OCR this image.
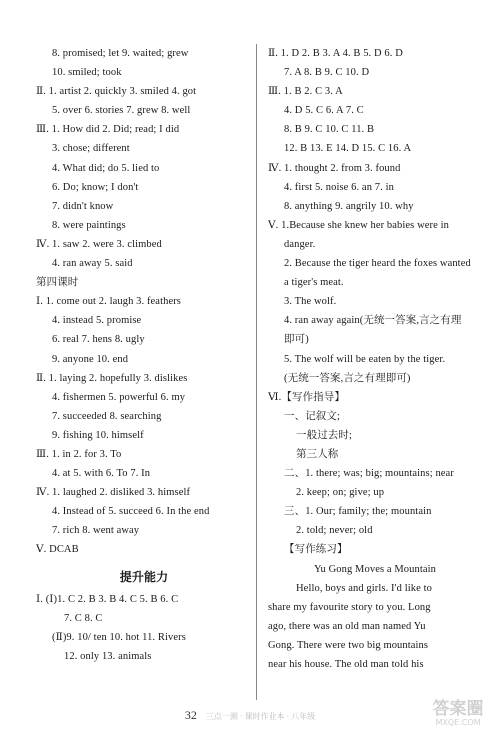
8. promised; let 9. waited; grew
10. smiled; took
Ⅱ. 1. artist 2. quickly 3. smiled 4. got
5. over 6. stories 7. grew 8. well
Ⅲ. 1. How did 2. Did; read; I did
3. chose; different
4. What did; do 5. lied to
6. Do; know; I don't
7. didn't know
8. were paintings
Ⅳ. 1. saw 2. were 3. climbed
4. ran away 5. said
第四课时
Ⅰ. 1. come out 2. laugh 3. feathers
4. instead 5. promise
6. real 7. hens 8. ugly
9. anyone 10. end
Ⅱ. 1. laying 2. hopefully 3. dislikes
4. fishermen 5. powerful 6. my
7. succeeded 8. searching
9. fishing 10. himself
Ⅲ. 1. in 2. for 3. To
4. at 5. with 6. To 7. In
Ⅳ. 1. laughed 2. disliked 3. himself
4. Instead of 5. succeed 6. In the end
7. rich 8. went away
Ⅴ. DCAB
提升能力
Ⅰ. (Ⅰ)1. C 2. B 3. B 4. C 5. B 6. C
7. C 8. C
(Ⅱ)9. 10/ ten 10. hot 11. Rivers
12. only 13. animals
Ⅱ. 1. D 2. B 3. A 4. B 5. D 6. D
7. A 8. B 9. C 10. D
Ⅲ. 1. B 2. C 3. A
4. D 5. C 6. A 7. C
8. B 9. C 10. C 11. B
12. B 13. E 14. D 15. C 16. A
Ⅳ. 1. thought 2. from 3. found
4. first 5. noise 6. an 7. in
8. anything 9. angrily 10. why
Ⅴ. 1.Because she knew her babies were in
danger.
2. Because the tiger heard the foxes wanted
a tiger's meat.
3. The wolf.
4. ran away again(无统一答案,言之有理
即可)
5. The wolf will be eaten by the tiger.
(无统一答案,言之有理即可)
Ⅵ.【写作指导】
一、记叙文;
一般过去时;
第三人称
二、1. there; was; big; mountains; near
2. keep; on; give; up
三、1. Our; family; the; mountain
2. told; never; old
【写作练习】
Yu Gong Moves a Mountain
Hello, boys and girls. I'd like to
share my favourite story to you. Long
ago, there was an old man named Yu
Gong. There were two big mountains
near his house. The old man told his
32 三点一测 · 课时作业本 · 八年级	答案圈
MXQE.COM
